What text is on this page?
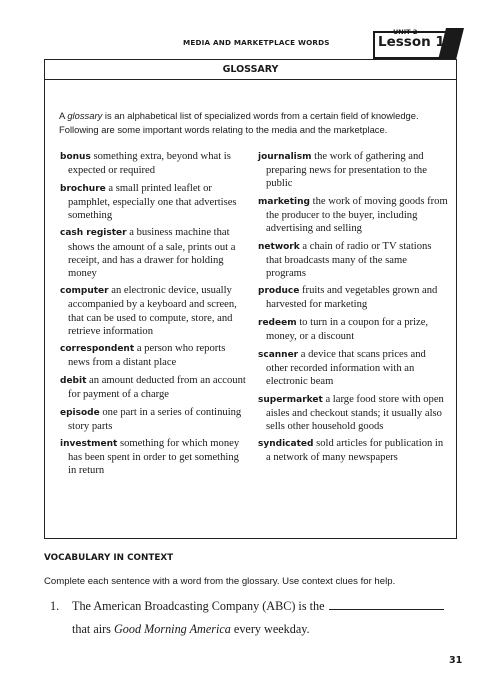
MEDIA AND MARKETPLACE WORDS
UNIT 2
Lesson 1
GLOSSARY
A glossary is an alphabetical list of specialized words from a certain field of knowledge. Following are some important words relating to the media and the marketplace.
bonus something extra, beyond what is expected or required
brochure a small printed leaflet or pamphlet, especially one that advertises something
cash register a business machine that shows the amount of a sale, prints out a receipt, and has a drawer for holding money
computer an electronic device, usually accompanied by a keyboard and screen, that can be used to compute, store, and retrieve information
correspondent a person who reports news from a distant place
debit an amount deducted from an account for payment of a charge
episode one part in a series of continuing story parts
investment something for which money has been spent in order to get something in return
journalism the work of gathering and preparing news for presentation to the public
marketing the work of moving goods from the producer to the buyer, including advertising and selling
network a chain of radio or TV stations that broadcasts many of the same programs
produce fruits and vegetables grown and harvested for marketing
redeem to turn in a coupon for a prize, money, or a discount
scanner a device that scans prices and other recorded information with an electronic beam
supermarket a large food store with open aisles and checkout stands; it usually also sells other household goods
syndicated sold articles for publication in a network of many newspapers
VOCABULARY IN CONTEXT
Complete each sentence with a word from the glossary. Use context clues for help.
1. The American Broadcasting Company (ABC) is the
that airs Good Morning America every weekday.
31
